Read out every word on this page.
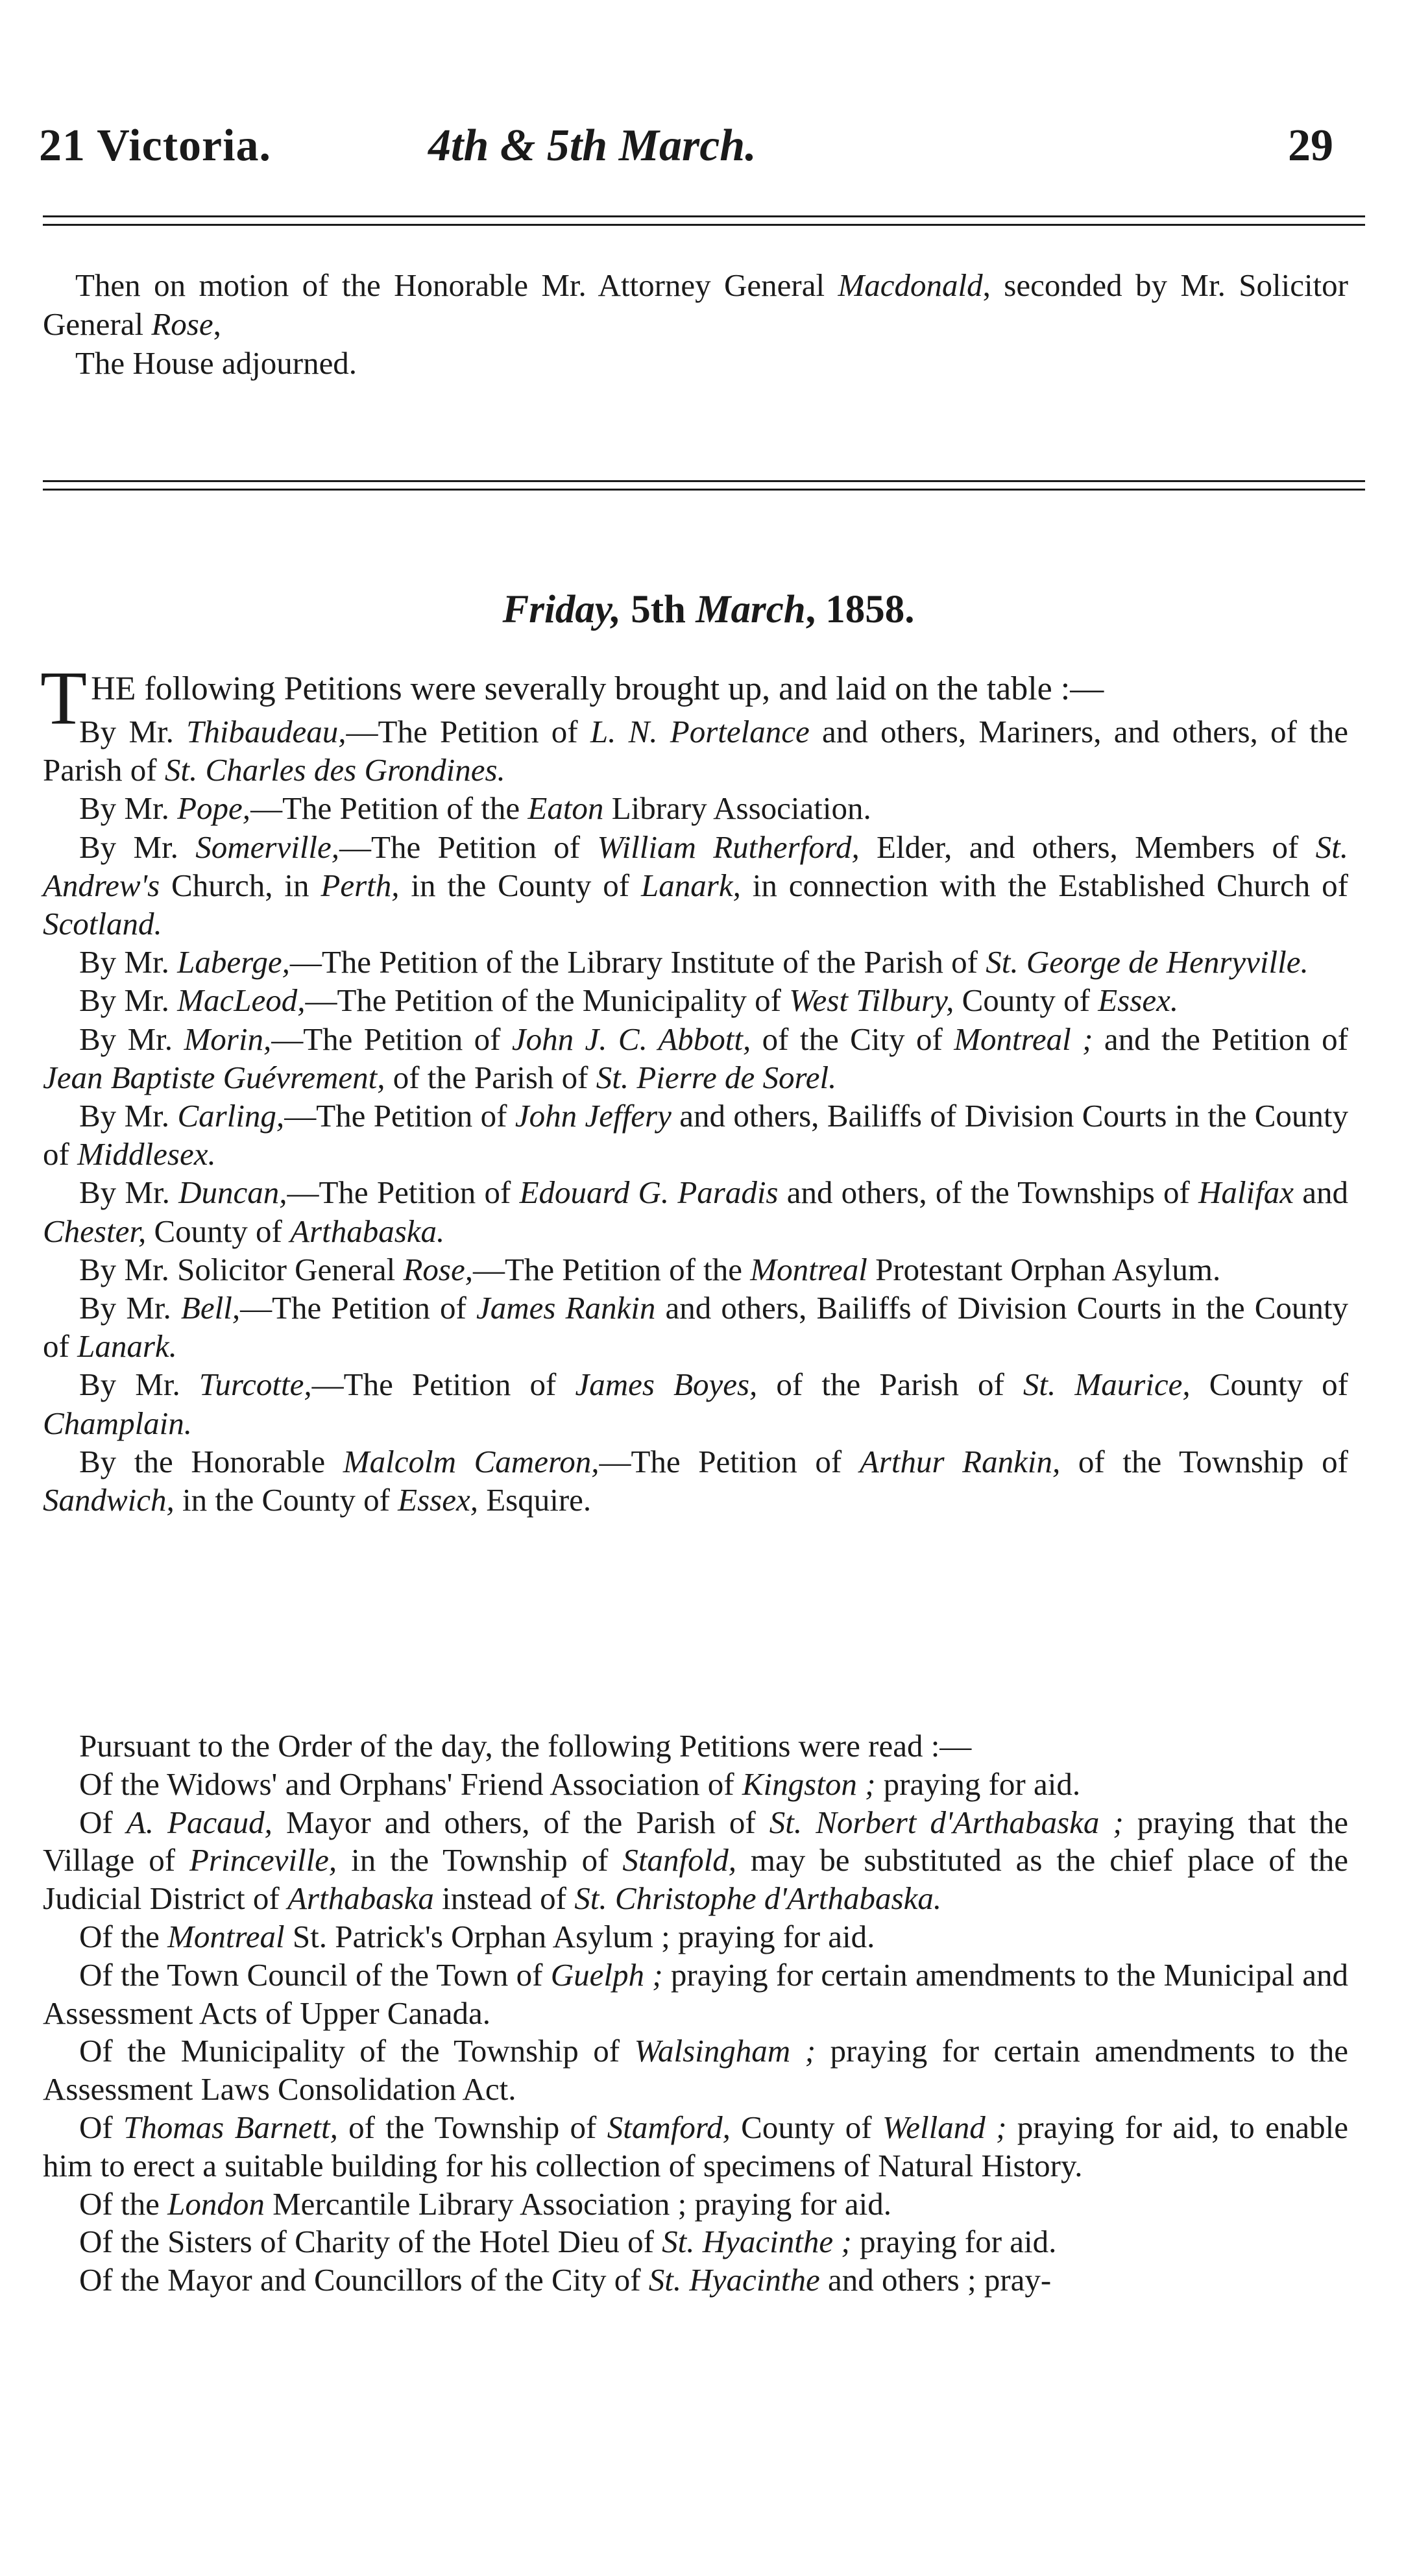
21 Victoria.	4th & 5th March.	29

Then on motion of the Honorable Mr. Attorney General Macdonald, seconded by Mr. Solicitor General Rose,
The House adjourned.

Friday, 5th March, 1858.

THE following Petitions were severally brought up, and laid on the table :—

By Mr. Thibaudeau,—The Petition of L. N. Portelance and others, Mariners, and others, of the Parish of St. Charles des Grondines.

By Mr. Pope,—The Petition of the Eaton Library Association.

By Mr. Somerville,—The Petition of William Rutherford, Elder, and others, Members of St. Andrew's Church, in Perth, in the County of Lanark, in connection with the Established Church of Scotland.

By Mr. Laberge,—The Petition of the Library Institute of the Parish of St. George de Henryville.

By Mr. MacLeod,—The Petition of the Municipality of West Tilbury, County of Essex.

By Mr. Morin,—The Petition of John J. C. Abbott, of the City of Montreal ; and the Petition of Jean Baptiste Guévrement, of the Parish of St. Pierre de Sorel.

By Mr. Carling,—The Petition of John Jeffery and others, Bailiffs of Division Courts in the County of Middlesex.

By Mr. Duncan,—The Petition of Edouard G. Paradis and others, of the Townships of Halifax and Chester, County of Arthabaska.

By Mr. Solicitor General Rose,—The Petition of the Montreal Protestant Orphan Asylum.

By Mr. Bell,—The Petition of James Rankin and others, Bailiffs of Division Courts in the County of Lanark.

By Mr. Turcotte,—The Petition of James Boyes, of the Parish of St. Maurice, County of Champlain.

By the Honorable Malcolm Cameron,—The Petition of Arthur Rankin, of the Township of Sandwich, in the County of Essex, Esquire.

Pursuant to the Order of the day, the following Petitions were read :—

Of the Widows' and Orphans' Friend Association of Kingston ; praying for aid.

Of A. Pacaud, Mayor and others, of the Parish of St. Norbert d'Arthabaska ; praying that the Village of Princeville, in the Township of Stanfold, may be substituted as the chief place of the Judicial District of Arthabaska instead of St. Christophe d'Arthabaska.

Of the Montreal St. Patrick's Orphan Asylum ; praying for aid.

Of the Town Council of the Town of Guelph ; praying for certain amendments to the Municipal and Assessment Acts of Upper Canada.

Of the Municipality of the Township of Walsingham ; praying for certain amendments to the Assessment Laws Consolidation Act.

Of Thomas Barnett, of the Township of Stamford, County of Welland ; praying for aid, to enable him to erect a suitable building for his collection of specimens of Natural History.

Of the London Mercantile Library Association ; praying for aid.

Of the Sisters of Charity of the Hotel Dieu of St. Hyacinthe ; praying for aid.

Of the Mayor and Councillors of the City of St. Hyacinthe and others ; pray-
